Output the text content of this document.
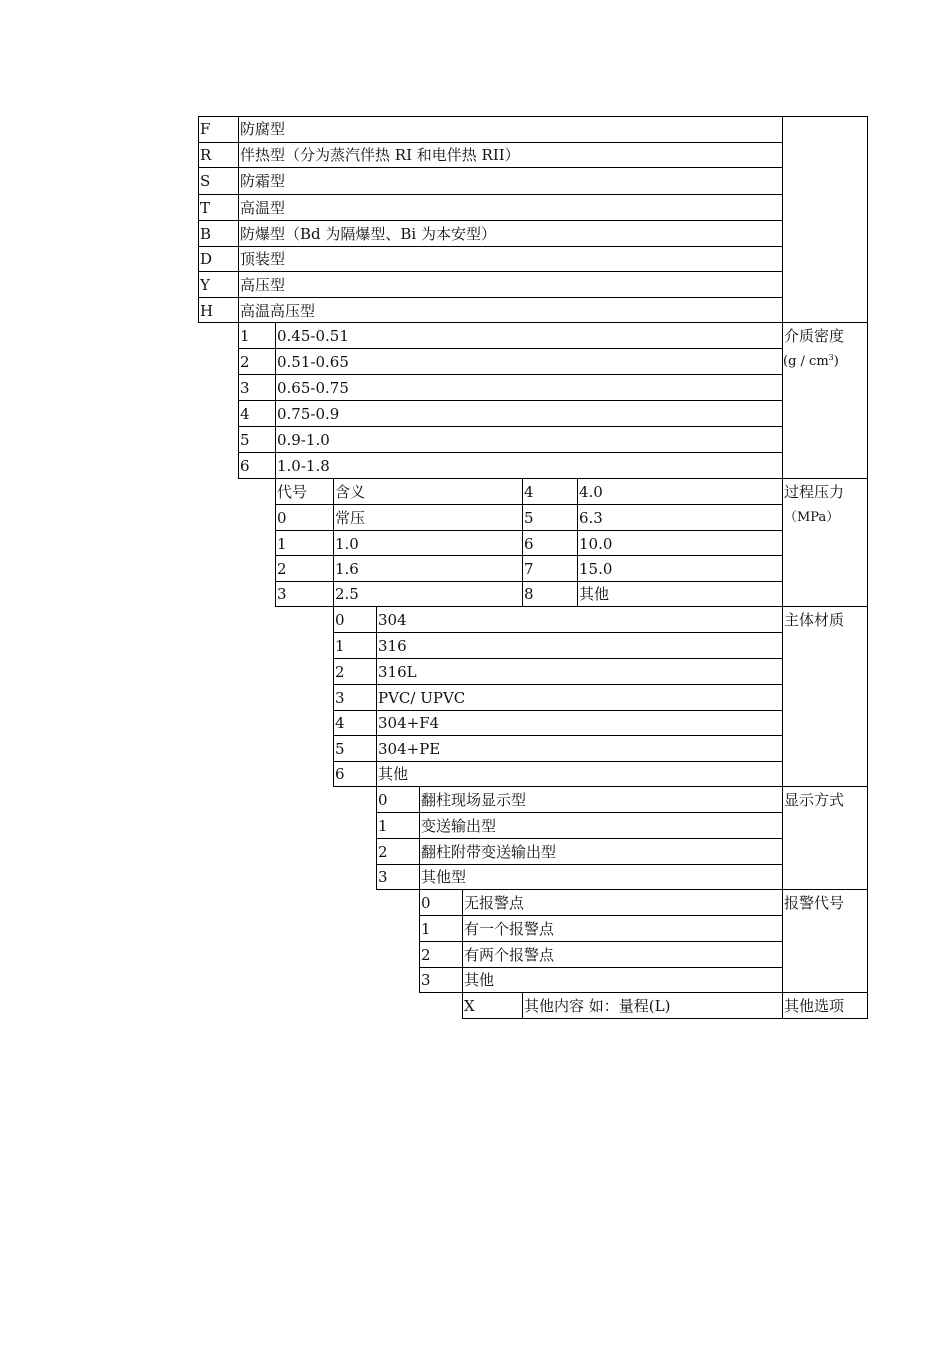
F 防腐型
R 伴热型（分为蒸汽伴热 RI 和电伴热 RII）
S 防霜型
T 高温型
B 防爆型（Bd 为隔爆型、Bi 为本安型）
D 顶装型
Y 高压型
H 高温高压型
1 0.45-0.51
2 0.51-0.65
3 0.65-0.75
4 0.75-0.9
5 0.9-1.0
6 1.0-1.8
介质密度
$(g / cm^3)$
代号 含义	4	4.0
0	常压	5	6.3
1	1.0	6	10.0
2	1.6	7	15.0
3	2.5	8	其他
过程压力
（MPa）
0 304
1 316
2 316L
3 PVC/ UPVC
4 304+F4
5 304+PE
6 其他
主体材质
0 翻柱现场显示型
1 变送输出型
2 翻柱附带变送输出型
3 其他型
显示方式
0 无报警点
1 有一个报警点
2 有两个报警点
3 其他
报警代号
X	其他内容 如：量程(L)	其他选项
